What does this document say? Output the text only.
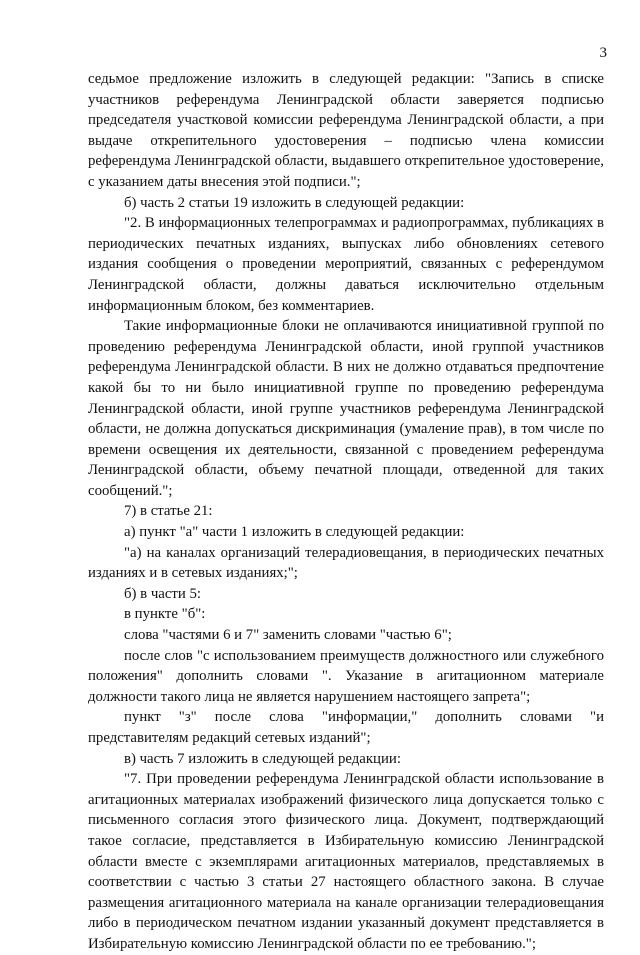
3

седьмое предложение изложить в следующей редакции: "Запись в списке участников референдума Ленинградской области заверяется подписью председателя участковой комиссии референдума Ленинградской области, а при выдаче открепительного удостоверения – подписью члена комиссии референдума Ленинградской области, выдавшего открепительное удостоверение, с указанием даты внесения этой подписи.";

б) часть 2 статьи 19 изложить в следующей редакции:

"2. В информационных телепрограммах и радиопрограммах, публикациях в периодических печатных изданиях, выпусках либо обновлениях сетевого издания сообщения о проведении мероприятий, связанных с референдумом Ленинградской области, должны даваться исключительно отдельным информационным блоком, без комментариев.

Такие информационные блоки не оплачиваются инициативной группой по проведению референдума Ленинградской области, иной группой участников референдума Ленинградской области. В них не должно отдаваться предпочтение какой бы то ни было инициативной группе по проведению референдума Ленинградской области, иной группе участников референдума Ленинградской области, не должна допускаться дискриминация (умаление прав), в том числе по времени освещения их деятельности, связанной с проведением референдума Ленинградской области, объему печатной площади, отведенной для таких сообщений.";

7) в статье 21:

а) пункт "а" части 1 изложить в следующей редакции:

"а) на каналах организаций телерадиовещания, в периодических печатных изданиях и в сетевых изданиях;";

б) в части 5:

в пункте "б":

слова "частями 6 и 7" заменить словами "частью 6";

после слов "с использованием преимуществ должностного или служебного положения" дополнить словами ". Указание в агитационном материале должности такого лица не является нарушением настоящего запрета";

пункт "з" после слова "информации," дополнить словами "и представителям редакций сетевых изданий";

в) часть 7 изложить в следующей редакции:

"7. При проведении референдума Ленинградской области использование в агитационных материалах изображений физического лица допускается только с письменного согласия этого физического лица. Документ, подтверждающий такое согласие, представляется в Избирательную комиссию Ленинградской области вместе с экземплярами агитационных материалов, представляемых в соответствии с частью 3 статьи 27 настоящего областного закона. В случае размещения агитационного материала на канале организации телерадиовещания либо в периодическом печатном издании указанный документ представляется в Избирательную комиссию Ленинградской области по ее требованию.";
